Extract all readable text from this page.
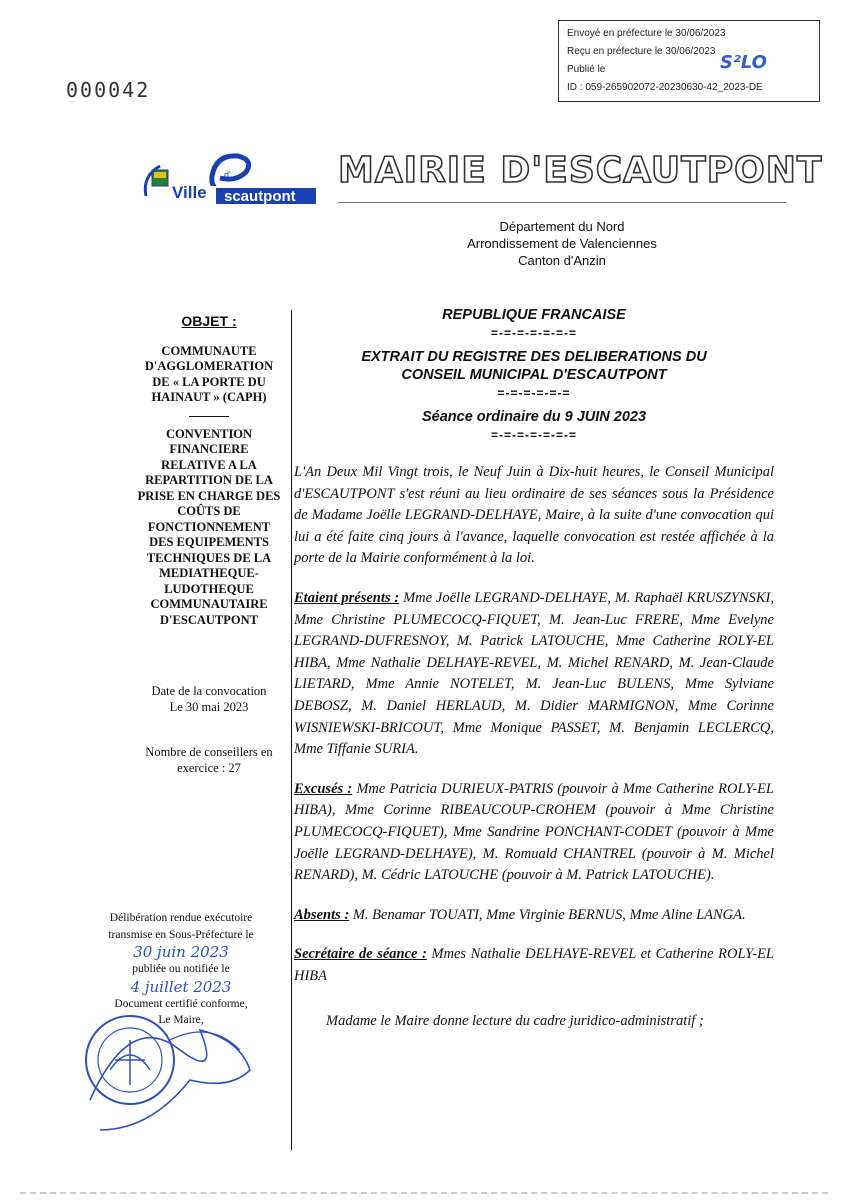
Envoyé en préfecture le 30/06/2023
Reçu en préfecture le 30/06/2023
Publié le
ID : 059-265902072-20230630-42_2023-DE
S²LO
000042
Ville
d'
scautpont
MAIRIE D'ESCAUTPONT
Département du Nord
Arrondissement de Valenciennes
Canton d'Anzin
OBJET :
COMMUNAUTE
D'AGGLOMERATION
DE « LA PORTE DU
HAINAUT » (CAPH)
CONVENTION
FINANCIERE
RELATIVE A LA
REPARTITION DE LA
PRISE EN CHARGE DES
COÛTS DE
FONCTIONNEMENT
DES EQUIPEMENTS
TECHNIQUES DE LA
MEDIATHEQUE-
LUDOTHEQUE
COMMUNAUTAIRE
D'ESCAUTPONT
Date de la convocation
Le 30 mai 2023
Nombre de conseillers en
exercice : 27
Délibération rendue exécutoire
transmise en Sous-Préfecture le
30 juin 2023
publiée ou notifiée le
4 juillet 2023
Document certifié conforme,
Le Maire,
REPUBLIQUE FRANCAISE
=-=-=-=-=-=-=
EXTRAIT DU REGISTRE DES DELIBERATIONS DU
CONSEIL MUNICIPAL D'ESCAUTPONT
=-=-=-=-=-=
Séance ordinaire du 9 JUIN 2023
=-=-=-=-=-=-=

L'An Deux Mil Vingt trois, le Neuf Juin à Dix-huit heures, le Conseil Municipal d'ESCAUTPONT s'est réuni au lieu ordinaire de ses séances sous la Présidence de Madame Joëlle LEGRAND-DELHAYE, Maire, à la suite d'une convocation qui lui a été faite cinq jours à l'avance, laquelle convocation est restée affichée à la porte de la Mairie conformément à la loi.

Etaient présents : Mme Joëlle LEGRAND-DELHAYE, M. Raphaël KRUSZYNSKI, Mme Christine PLUMECOCQ-FIQUET, M. Jean-Luc FRERE, Mme Evelyne LEGRAND-DUFRESNOY, M. Patrick LATOUCHE, Mme Catherine ROLY-EL HIBA, Mme Nathalie DELHAYE-REVEL, M. Michel RENARD, M. Jean-Claude LIETARD, Mme Annie NOTELET, M. Jean-Luc BULENS, Mme Sylviane DEBOSZ, M. Daniel HERLAUD, M. Didier MARMIGNON, Mme Corinne WISNIEWSKI-BRICOUT, Mme Monique PASSET, M. Benjamin LECLERCQ, Mme Tiffanie SURIA.

Excusés : Mme Patricia DURIEUX-PATRIS (pouvoir à Mme Catherine ROLY-EL HIBA), Mme Corinne RIBEAUCOUP-CROHEM (pouvoir à Mme Christine PLUMECOCQ-FIQUET), Mme Sandrine PONCHANT-CODET (pouvoir à Mme Joëlle LEGRAND-DELHAYE), M. Romuald CHANTREL (pouvoir à M. Michel RENARD), M. Cédric LATOUCHE (pouvoir à M. Patrick LATOUCHE).

Absents : M. Benamar TOUATI, Mme Virginie BERNUS, Mme Aline LANGA.

Secrétaire de séance : Mmes Nathalie DELHAYE-REVEL et Catherine ROLY-EL HIBA

Madame le Maire donne lecture du cadre juridico-administratif ;
